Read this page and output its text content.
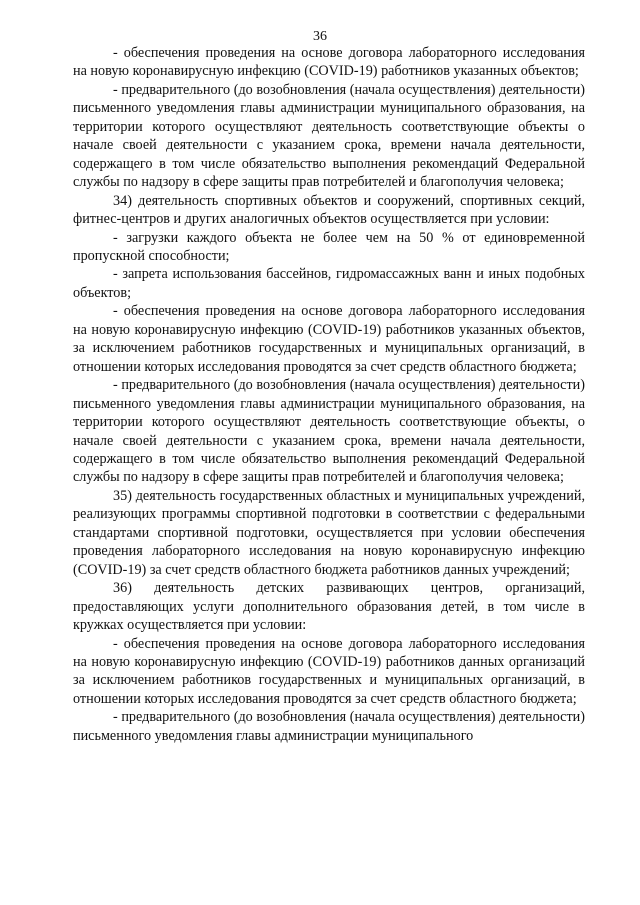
36

- обеспечения проведения на основе договора лабораторного исследования на новую коронавирусную инфекцию (COVID-19) работников указанных объектов;

- предварительного (до возобновления (начала осуществления) деятельности) письменного уведомления главы администрации муниципального образования, на территории которого осуществляют деятельность соответствующие объекты о начале своей деятельности с указанием срока, времени начала деятельности, содержащего в том числе обязательство выполнения рекомендаций Федеральной службы по надзору в сфере защиты прав потребителей и благополучия человека;

34) деятельность спортивных объектов и сооружений, спортивных секций, фитнес-центров и других аналогичных объектов осуществляется при условии:

- загрузки каждого объекта не более чем на 50 % от единовременной пропускной способности;

- запрета использования бассейнов, гидромассажных ванн и иных подобных объектов;

- обеспечения проведения на основе договора лабораторного исследования на новую коронавирусную инфекцию (COVID-19) работников указанных объектов, за исключением работников государственных и муниципальных организаций, в отношении которых исследования проводятся за счет средств областного бюджета;

- предварительного (до возобновления (начала осуществления) деятельности) письменного уведомления главы администрации муниципального образования, на территории которого осуществляют деятельность соответствующие объекты, о начале своей деятельности с указанием срока, времени начала деятельности, содержащего в том числе обязательство выполнения рекомендаций Федеральной службы по надзору в сфере защиты прав потребителей и благополучия человека;

35) деятельность государственных областных и муниципальных учреждений, реализующих программы спортивной подготовки в соответствии с федеральными стандартами спортивной подготовки, осуществляется при условии обеспечения проведения лабораторного исследования на новую коронавирусную инфекцию (COVID-19) за счет средств областного бюджета работников данных учреждений;

36) деятельность детских развивающих центров, организаций, предоставляющих услуги дополнительного образования детей, в том числе в кружках осуществляется при условии:

- обеспечения проведения на основе договора лабораторного исследования на новую коронавирусную инфекцию (COVID-19) работников данных организаций за исключением работников государственных и муниципальных организаций, в отношении которых исследования проводятся за счет средств областного бюджета;

- предварительного (до возобновления (начала осуществления) деятельности) письменного уведомления главы администрации муниципального
